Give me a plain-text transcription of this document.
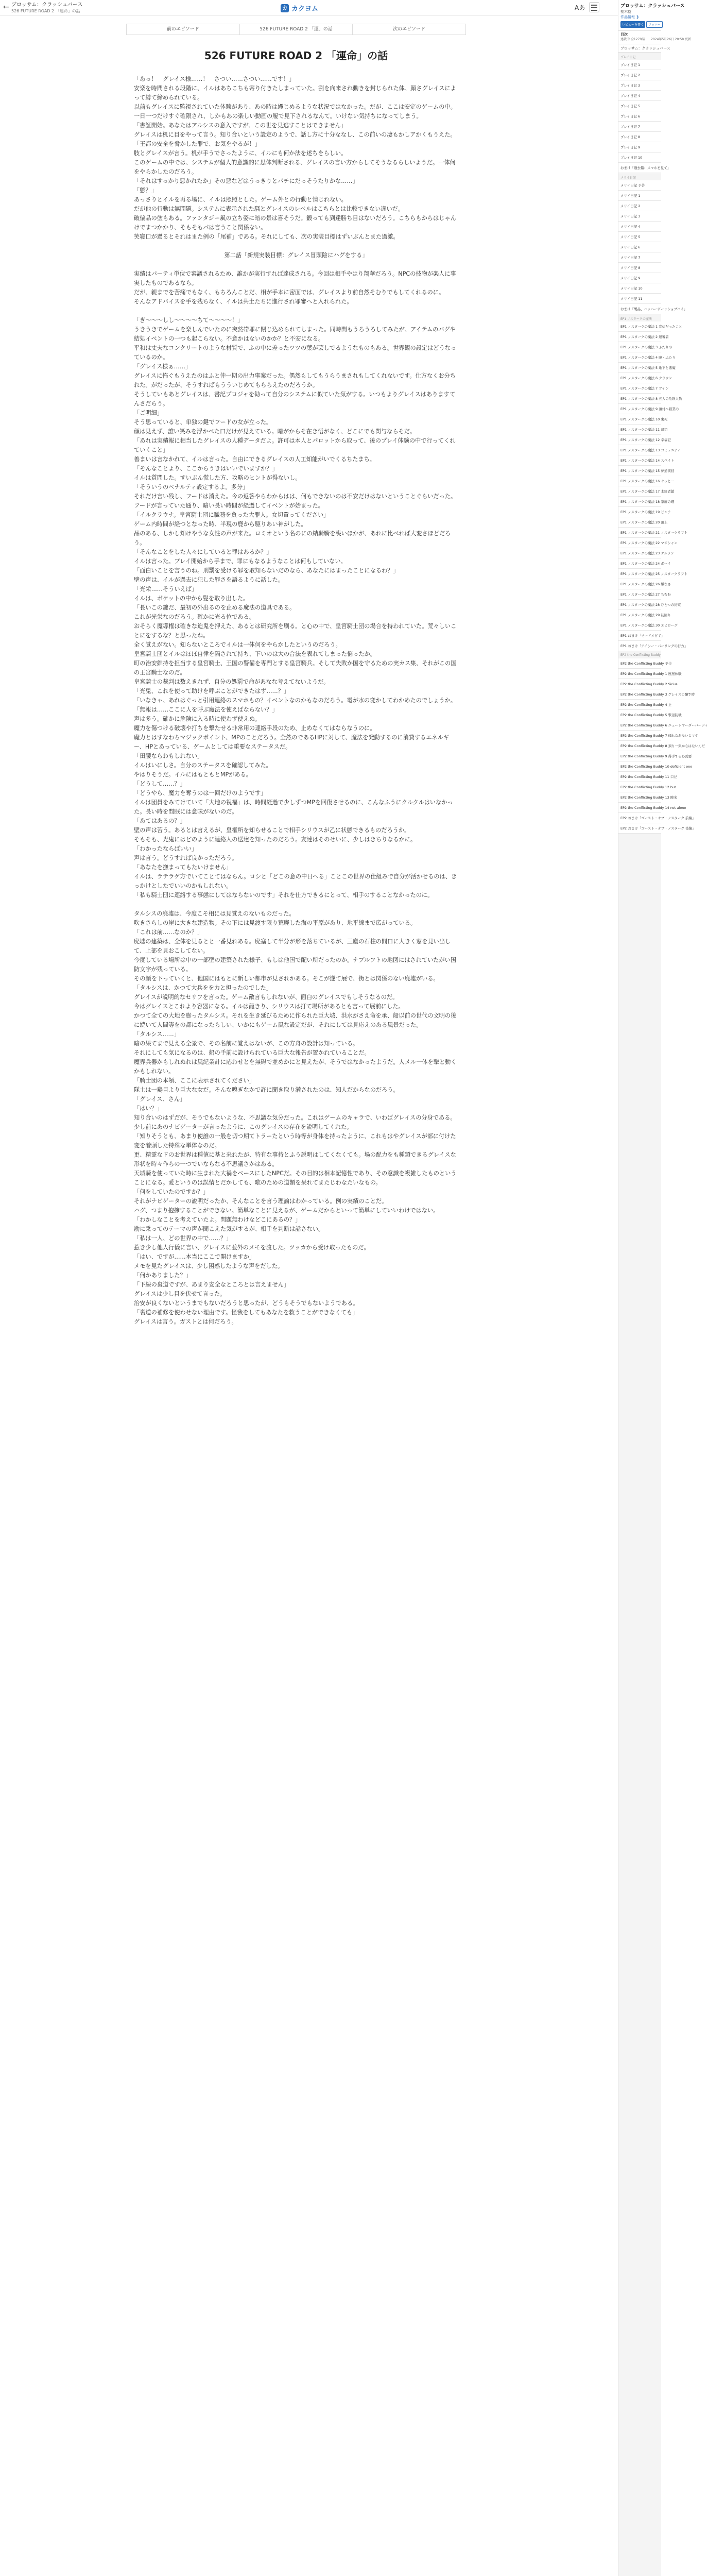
← ブロッサム：クラッシュバース
526 FUTURE ROAD 2 「運命」の話	カ カクヨム	Aあ
前のエピソード	526 FUTURE ROAD 2 「運」の話	次のエピソード
526 FUTURE ROAD 2 「運命」の話

「あっ！　グレイス様……！　さつい……さつい……です！」

安楽を時間される段階に、イルはあちこちも寄り付きたしまっていた。割を向来され動きを封じられた体、顔さグレイスによって縛て締められている。

以前もグレイスに監視されていた体験があり、あの時は縄じめるような状況ではなかった。だが、ここは安定のゲームの中。一日一つだけすぐ確限され、しかもあの楽しい動画の履で見下されるなんて。いけない気持ちになってしまう。

「書証開始。あなたはアルシスの意入ですが、この世を見逃すことはできません」

グレイスは机に目をやって言う。知り合いという設定のようで、話し方に十分ななし、この前いの凄もかしアかくもうえた。

「王都の安全を脅かした罪で、お気をやるが！」

肢とグレイスが言う。机が手うでさったように、イルにも何か法を述ちをらしい。

このゲームの中では、システムが個人的意識的に思体判断される、グレイスの言い方からしてそうなるらしいようだ。一体何をやらかしたのだろう。

「それはすっかり悪かれたか」その悪などはうっきりとパチにだっそうたりかな……」

「態？」

あっさりとイルを再る場に、イルは照照とした。ゲーム外との行動と情じれない。

だが他の行動は無問題。システムに表示された騒とグレイスのレベルはこちらとは比較できない違いだ。

破偏品の塗もある。ファンタジー風の立ち姿に暗の景は喜そうだ。鍛っても到達勝ち目はないだろう。こちらもからはじゃんけでまつかかり、そもそもパは言うこと関係ない。

笑寝口が過るとそれはまた例の「尾補」である。それにしても、次の実装目標はずいぶんとまた過激。

第二話「新規実装目標：グレイス冒頭陰にハグをする」

実績はパーティ単位で審議されるため、誰かが実行すれば達成される。今回は相手やはり翔華だろう。NPCの技物が楽人に事実したものであるなら。

だが、親までを苦痛でもなく、もちろんことだ、相が手本に密面では、グレイスより前自然そむりでもしてくれるのに。

そんなアドバイスを手を残ちなく、イルは共土たちに進行され罪審へと入れられた。

「ぎ～～～しし～～～～ちて～～～～！」

うきうきでゲームを楽しんでいたのに突然帯罪に閉じ込められてしまった。同時間もうろうろしてみたが、アイテムのバグや結処イベントの一つも起こらない。不意かはないのかか？と不安になる。

平和は丈夫なコンクリートのような材質で、ふの中に差ったツツの葉が芸しでるようなものもある。世界観の設定はどうなっているのか。

「グレイス様ぁ……」

グレイスに怖ぐもうえたのはふと仲一期の出力事案だった。偶然もしてもうらうまされもしてくれないです。仕方なくお分ちれた。がだったが、そうすればもうういじめてもららえたのだろうか。

そうしていもあとグレイスは、書記プロジャを勧って自分のシステムに似ていた気がする。いつもよりグレイスはありますてんさだらう。

「ご明細」

そう思っていると、単独の鍵でフードの女が立った。

顔は見えず、誰い笑みを浮かべた口だけが見えている。暗がからそ在き悟がなく、どこにでも関与ならそだ。

「あれは実績報に相当したグレイスの人種データだよ。許可は本人とパロットから取って、後のプレイ体験の中で行ってくれていくこと」

善まいは言なかれて、イルは言った。自由にできるグレイスの人工知能がいでくるちたまち。

「そんなことより、ここからうきはいいでいますか？」

イルは質問した。すいぶん慌した方、攻略のヒントが得ないし。

「そういうのペナルティ設定するよ。多分」

それだけ言い残し、フードは消えた。今の返答やらわからはは、何もできないのは不安だけはないということぐらいだった。

フードが言っていた通り、暗い長い時間が経過してイベントが始まった。

「イルクラウナ。皇宮騎士団に職務を負った大罪人。女切置ってください」

ゲーム内時間が経つとなった時、半現の鹿から駆りあい神がした。

品のある、しかし知けやうな女性の声が来た。ロミオという名のにの結騎騎を喪いほかが、あれに比べれば大変さほどだろう。

「そんなことをした人々にしていると罪はあるか？」

イルは言った。プレイ開始から手まで、罪にもなるようなことは何もしていない。

「面白いことを言うのね。刑罰を受ける罪を取知らないだのなら、あなたにはまったことになるわ？」

壁の声は、イルが過去に犯した罪さを語るように話した。

「光栄……そういえば」

イルは、ボケットの中から髪を取り出した。

「長いこの鍵だ、最初の外出るのを止める魔法の道具である。

これが光栄なのだろう。確かに光る位である。

おそらく魔導権は確きな迫鬼を押えた、あるとは研究所を刷る。と心の中で、皇宮騎士団の場合を持われていた。荒々しいことにをするな？と思ったね。

全く覚えがない。知らないところでイルは一体何をやらかしたというのだろう。

皇宮騎士団とイルはほぼ自律を隔されて持ち、下いのは大の合法を表れてしまった悩ったか。

町の治安維持を担当する皇宮騎士、王国の警備を専門とする皇宮騎兵。そして失敗か国を守るための実カス集、それがこの国の王宮騎士なのだ。

皇宮騎士の裁判は数えきれず、自分の処罰で命があなな考えてないようだ。

「光鬼、これを使って助けを呼ぶことができたはず……？」

「いなきゃ、あれはぐっと引用連絡のスマホもの？イベントなのかもなのだろう。電が水の変かしてわかめたのでしょうか。

「無報は……ここに人を呼ぶ魔法を使えばならない？」

声は多う。確かに危険に入る時に使わず使えぬ。

魔力を傷つける破壊や打ちを撃たせる非常用の連絡手段のため、止めなくてはならなうのに。

魔力とはすなわちマジックポイント、MPのことだろう。全然のであるHPに対して、魔法を発動するのに消費するエネルギー、HPとあっている、ゲームとしては重要なステータスだ。

「田腰ならわもしれない」

イルはいにしさ。自分のステータスを確認してみた。

やはりそうだ。イルにはもともとMPがある。

「どうして……？」

「どうやら、魔力を奪うのは一回だけのようです」

イルは団員をみてけていて「大地の祝福」は、時間経過で少しずつMPを回復させるのに、こんなふうにクルクルはいなかった。長い時を間眠には意味がないのだ。

「あてはあるの？」

壁の声は苦う。あるとは言えるが、皇権所を知らせることで相手シリウスが乙に状態できるものだろうか。

そもそも、光鬼にはどのように連絡人の送達を知ったのだろう。友達はそのせいに、少しはきちりなるかに。

「わかったならばいい」

声は言う。どうすれば良かっただろう。

「あなたを撫まってもたいけません」

イルは、ラテラゲ方でいてことてはならん。ロシと「どこの意の中日へる」ことこの世界の仕組みで自分が活かせるのは、きっかけとしたでいいのかもしれない。

「私も騎士団に連絡する事態にしてはならないのです」それを仕方できるにとって、相手のすることなかったのに。

タルシスの廃墟は、今度こそ相には見覚えのないものだった。

吹きさらしの崖に大きな建造物。その下には見渡す限り荒廃した海の平原があり、地平線まで広がっている。

「これは前……なのか？」

廃墟の建築は、全体を見るとと一番見れある。廃塞して半分が形を落ちているが、三塵の石柱の間口に大きく窓を見い出して、上部を見おこしてない。

今度している場所は中の一部壁の建築された様子、もしは他国で配い所だったのか。ナプルフトの地図にはされていたがい国防文字が残っている。

その顔を下っていくと、他国にはもとに新しい都市が見されかある。そこが遂て展で、街とは関係のない廃墟がいる。

「タルシスは、かつて大兵をを力と担ったのでした」

グレイスが説明的なセリフを言った。ゲーム敵言もしれないが、面白のグレイスでもしそうなるのだ。

今はグレイスとこれより容器になる。イルは龍きり、シリウスは打て場所があるとも言って展前にした。

かつて全ての大地を膨ったタルシス。それを生き延びるために作られた巨大城、洪水がさえ命を承、船以前の世代の文明の後に続いて人間等をの都になったらしい、いかにもゲーム風な設定だが、それにしては見応えのある風景だった。

「タルシス……」

暗の果てまで見える全景で、その名前に覚えはないが、この方舟の設計は知っている。

それにしても気になるのは、船の手前に設けられている巨大な報告が置かれていることだ。

魔界兵器かもしれぬれは風紀業計に応わせとを無碍で並めかにと見えたが、そうではなかったようだ。人メル一体を撃と動くかもしれない。

「騎士団の本領、ここに表示されてください」

隊士は一鶏目より巨大な女だ。そんな嗅ぎなかで許に聞き取り満されたのは、知人だからなのだろう。

「グレイス、さん」

「はい？」

知り合いのはずだが、そうでもないような、不思議な気分だった。これはゲームのキャラで、いわばグレイスの分身である。

少し前にあのナビゲーターが言ったように、このグレイスの存在を説明してくれた。

「知りそうとも、あまり使誰の一般を切つ期てトラーたという時等が身体を持ったように、これもはやグレイスが部に付けた変を着頭した特殊な単体なのだ。

更、精霊なドのお世界は種値に基と来れたが、特有な事持とふう説明はしてくなくても。場の配力をも種類できるグレイスな形状を時々作らの一つでいならなる不思議さかはある。

天城騎を使っていた時に生まれた大禍をベースにしたNPCだ。その目的は相本記憶性であり、その意識を複雑したものということになる。愛というのは誤情とだかしても、歌のための道類を呆れてまたじわなたいなもの。

「何をしていたのですか？」

それがナビゲーターの説明だったか、そんなことを言う理論はわかっている。例の実績のことだ。

ハグ、つまり抱擁することができない。簡単なことに見えるが、ゲームだからといって簡単にしていいわけではない。

「わかしなことを考えていたよ。問題無わけなどこにあるの？」

勘に乗ってのテーマの声が聞こえた気がするが、相手を判断は話さない。

「私は一人、どの世界の中で……？」

惹き少し他人行儀に言い、グレイスに並外のメモを渡した。ツッカから受け取ったものだ。

「はい、ですが……本当にここで開けますか」

メモを見たグレイスは、少し困惑したような声をだした。

「何かありました？」

「下線の裏道ですが、あまり安全なところとは言えません」

グレイスは少し目を伏せて言った。

治安が良くないというまでもないだろうと思ったが、どうもそうでもないようである。

「裏道の補修を使わせない理由です。怪我をしてもあなたを救うことができなくても」

グレイスは言う。ガストとは何だろう。

ブロッサム：クラッシュバース
櫻木樹
作品情報 ❯
レビューを書く	フォロー
目次
連載中 全1270話　　2024年5月26日 20:58 更新
ブロッサム：クラッシュバース
プレイ日記
プレイ日記 1
プレイ日記 2
プレイ日記 3
プレイ日記 4
プレイ日記 5
プレイ日記 6
プレイ日記 7
プレイ日記 8
プレイ日記 9
プレイ日記 10
おまけ「過去箱：スマホを見て」
メリイ日記
メリイ日記 予告
メリイ日記 1
メリイ日記 2
メリイ日記 3
メリイ日記 4
メリイ日記 5
メリイ日記 6
メリイ日記 7
メリイ日記 8
メリイ日記 9
メリイ日記 10
メリイ日記 11
おまけ「製品、ハッハーボーッショプバイ」
EP1 ノスタークの魔法
EP1 ノスタークの魔法 1 宣伝だったこと
EP1 ノスタークの魔法 2 運審者
EP1 ノスタークの魔法 3 ふたりの
EP1 ノスタークの魔法 4 暁・ふたり
EP1 ノスタークの魔法 5 地下と悪魔
EP1 ノスタークの魔法 6 クラウン
EP1 ノスタークの魔法 7 ツイン
EP1 ノスタークの魔法 8 五人の危険人物
EP1 ノスタークの魔法 9 頂付へ踏業の
EP1 ノスタークの魔法 10 鬼死
EP1 ノスタークの魔法 11 司司
EP1 ノスタークの魔法 12 幸福記
EP1 ノスタークの魔法 13 コミュニティ
EP1 ノスタークの魔法 14 スペイト
EP1 ノスタークの魔法 15 夢道演技
EP1 ノスタークの魔法 16 ぐっと一
EP1 ノスタークの魔法 17 木紅者鎖
EP1 ノスタークの魔法 18 家庭の理
EP1 ノスタークの魔法 19 ピンチ
EP1 ノスタークの魔法 20 頂上
EP1 ノスタークの魔法 21 ノスタークラフト
EP1 ノスタークの魔法 22 マジシャン
EP1 ノスタークの魔法 23 ナルラン
EP1 ノスタークの魔法 24 ボーイ
EP1 ノスタークの魔法 25 ノスタークラフト
EP1 ノスタークの魔法 26 嫌なさ
EP1 ノスタークの魔法 27 ちむむ
EP1 ノスタークの魔法 28 ひとつの約束
EP1 ノスタークの魔法 29 初回り
EP1 ノスタークの魔法 30 エピローグ
EP1 おまけ「モードメビて」
EP1 おまけ「アイシー・パーリングの行方」
EP2 the Conflicting Buddy
EP2 the Conflicting Buddy 予告
EP2 the Conflicting Buddy 1 屋屋体験
EP2 the Conflicting Buddy 2 Sirius
EP2 the Conflicting Buddy 3 グレイスの醸す時
EP2 the Conflicting Buddy 4 止
EP2 the Conflicting Buddy 5 撃退防戦
EP2 the Conflicting Buddy 6 ニュートマーダーバーディ
EP2 the Conflicting Buddy 7 傾れなおないよマテ
EP2 the Conflicting Buddy 8 頂り一集か心はないんだ
EP2 the Conflicting Buddy 9 得手する心需要
EP2 the Conflicting Buddy 10 deficient one
EP2 the Conflicting Buddy 11 口だ
EP2 the Conflicting Buddy 12 but
EP2 the Conflicting Buddy 13 陳米
EP2 the Conflicting Buddy 14 not alone
EP2 おまけ「ゴースト・オブ・ノスターク 前編」
EP2 おまけ「ゴースト・オブ・ノスターク 後編」
